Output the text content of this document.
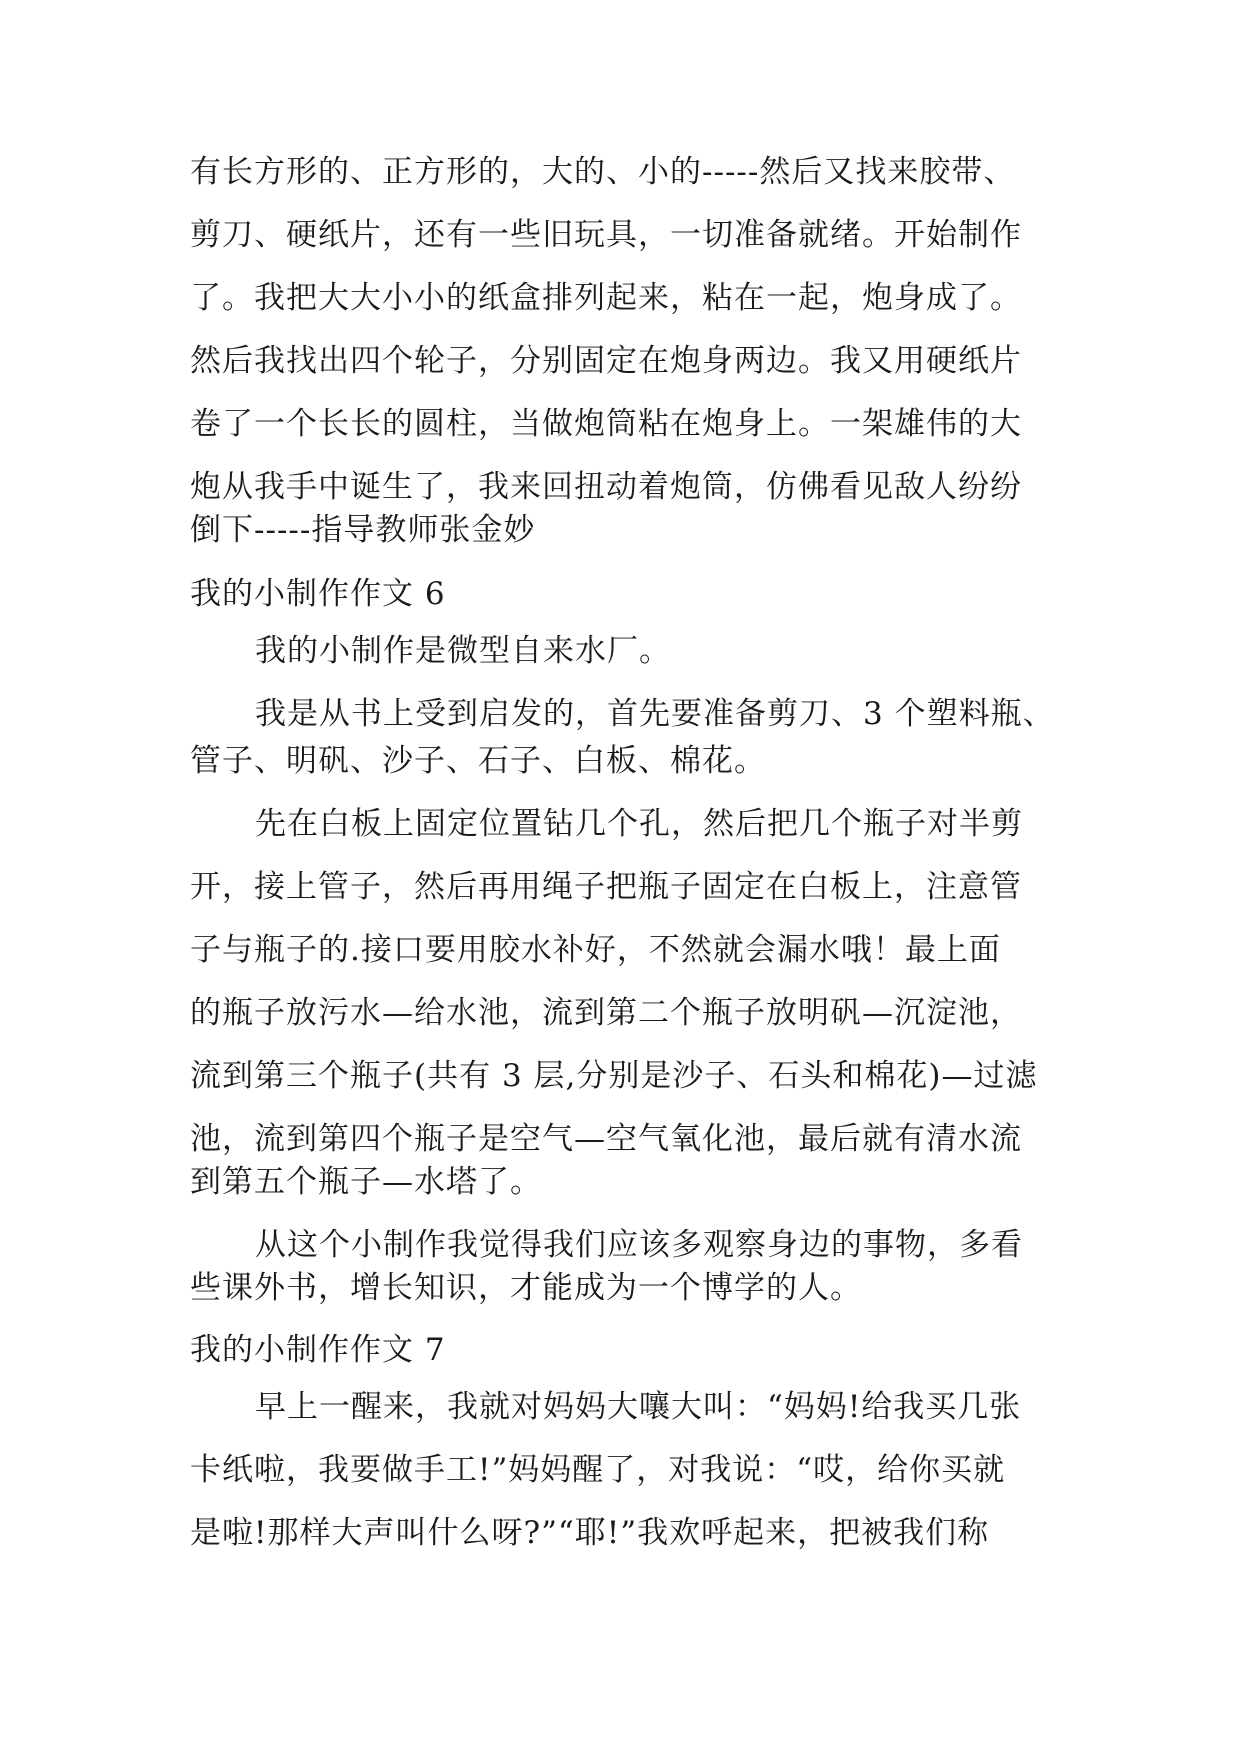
有长方形的、正方形的，大的、小的-----然后又找来胶带、
剪刀、硬纸片，还有一些旧玩具，一切准备就绪。开始制作
了。我把大大小小的纸盒排列起来，粘在一起，炮身成了。
然后我找出四个轮子，分别固定在炮身两边。我又用硬纸片
卷了一个长长的圆柱，当做炮筒粘在炮身上。一架雄伟的大
炮从我手中诞生了，我来回扭动着炮筒，仿佛看见敌人纷纷
倒下-----指导教师张金妙
我的小制作作文 6
我的小制作是微型自来水厂。
我是从书上受到启发的，首先要准备剪刀、3 个塑料瓶、
管子、明矾、沙子、石子、白板、棉花。
先在白板上固定位置钻几个孔，然后把几个瓶子对半剪
开，接上管子，然后再用绳子把瓶子固定在白板上，注意管
子与瓶子的.接口要用胶水补好，不然就会漏水哦！最上面
的瓶子放污水—给水池，流到第二个瓶子放明矾—沉淀池，
流到第三个瓶子(共有 3 层,分别是沙子、石头和棉花)—过滤
池，流到第四个瓶子是空气—空气氧化池，最后就有清水流
到第五个瓶子—水塔了。
从这个小制作我觉得我们应该多观察身边的事物，多看
些课外书，增长知识，才能成为一个博学的人。
我的小制作作文 7
早上一醒来，我就对妈妈大嚷大叫：“妈妈!给我买几张
卡纸啦，我要做手工!”妈妈醒了，对我说：“哎，给你买就
是啦!那样大声叫什么呀?”“耶!”我欢呼起来，把被我们称
